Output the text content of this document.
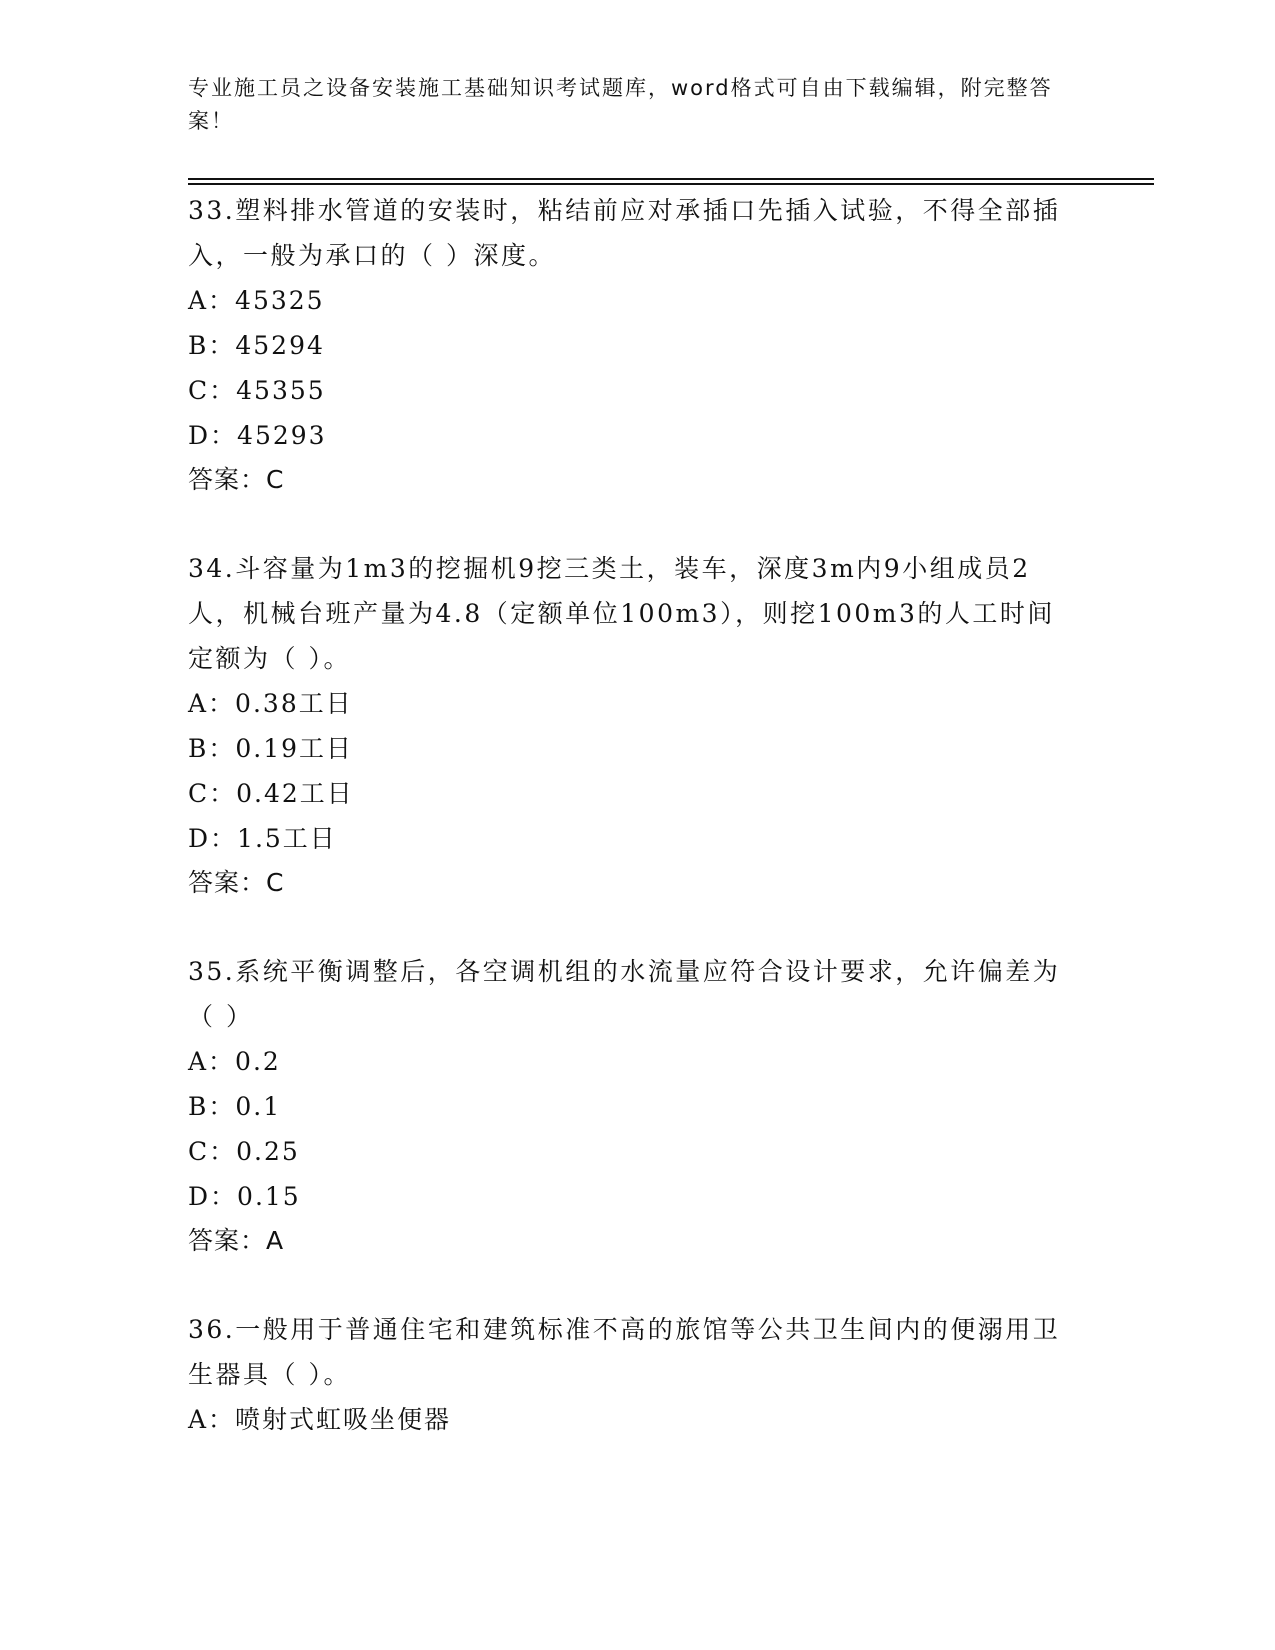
专业施工员之设备安装施工基础知识考试题库，word格式可自由下载编辑，附完整答案！
33.塑料排水管道的安装时，粘结前应对承插口先插入试验，不得全部插入，一般为承口的（ ）深度。
A：45325
B：45294
C：45355
D：45293
答案：C
34.斗容量为1m3的挖掘机9挖三类土，装车，深度3m内9小组成员2人，机械台班产量为4.8（定额单位100m3），则挖100m3的人工时间定额为（ ）。
A：0.38工日
B：0.19工日
C：0.42工日
D：1.5工日
答案：C
35.系统平衡调整后，各空调机组的水流量应符合设计要求，允许偏差为（ ）
A：0.2
B：0.1
C：0.25
D：0.15
答案：A
36.一般用于普通住宅和建筑标准不高的旅馆等公共卫生间内的便溺用卫生器具（ ）。
A：喷射式虹吸坐便器
